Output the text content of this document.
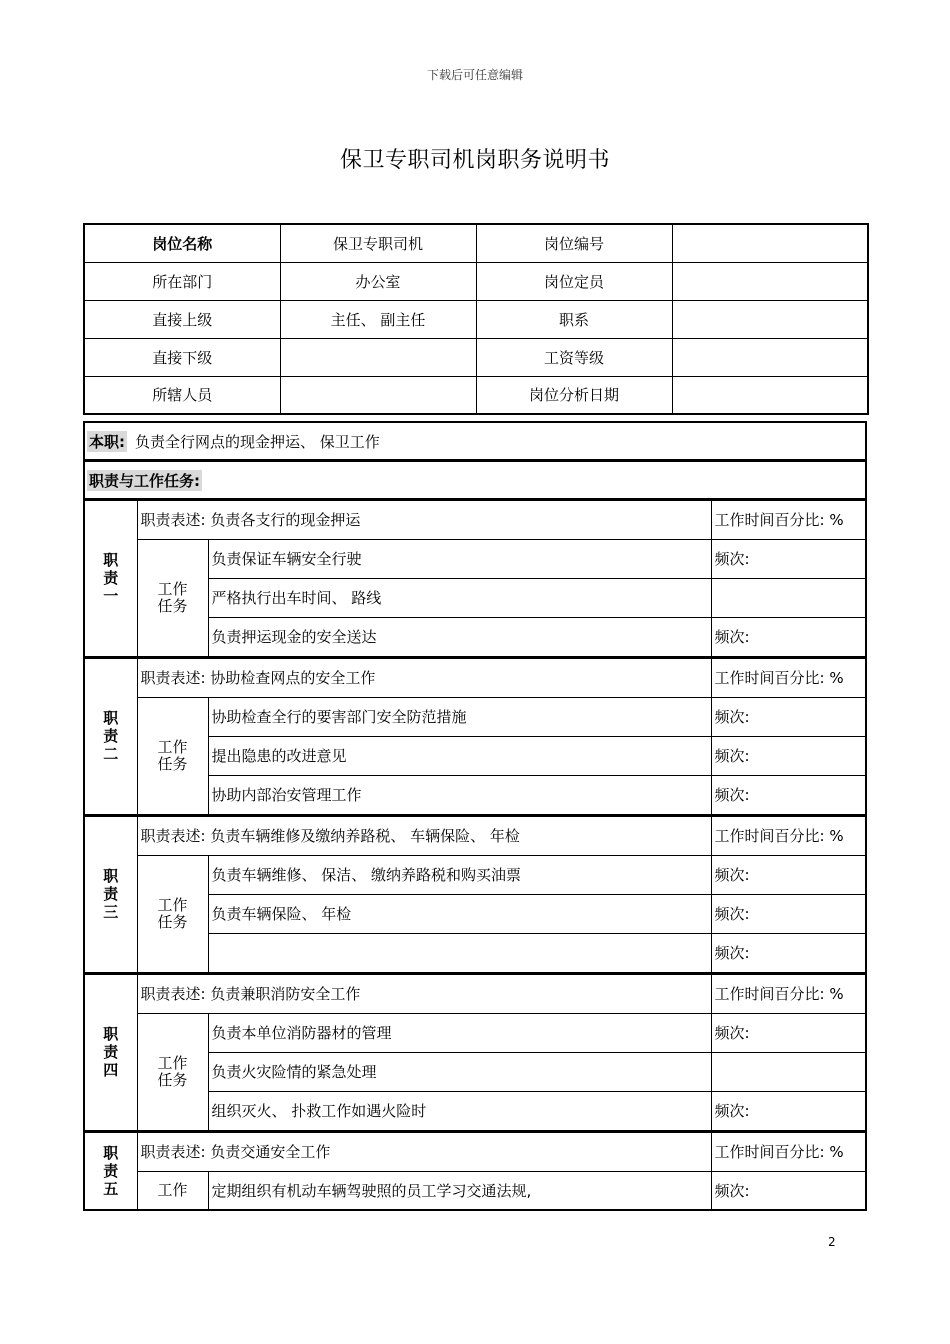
下载后可任意编辑
保卫专职司机岗职务说明书
岗位名称	保卫专职司机	岗位编号	
所在部门	办公室	岗位定员	
直接上级	主任、 副主任	职系	
直接下级		工资等级	
所辖人员		岗位分析日期	
本职: 负责全行网点的现金押运、 保卫工作
职责与工作任务:
职责一	职责表述: 负责各支行的现金押运		工作时间百分比: %
	工作任务	负责保证车辆安全行驶	频次:
		严格执行出车时间、 路线	
		负责押运现金的安全送达	频次:
职责二	职责表述: 协助检查网点的安全工作		工作时间百分比: %
	工作任务	协助检查全行的要害部门安全防范措施	频次:
		提出隐患的改进意见	频次:
		协助内部治安管理工作	频次:
职责三	职责表述: 负责车辆维修及缴纳养路税、 车辆保险、 年检		工作时间百分比: %
	工作任务	负责车辆维修、 保洁、 缴纳养路税和购买油票	频次:
		负责车辆保险、 年检	频次:
			频次:
职责四	职责表述: 负责兼职消防安全工作		工作时间百分比: %
	工作任务	负责本单位消防器材的管理	频次:
		负责火灾险情的紧急处理	
		组织灭火、 扑救工作如遇火险时	频次:
职责五	职责表述: 负责交通安全工作		工作时间百分比: %
	工作	定期组织有机动车辆驾驶照的员工学习交通法规,	频次:
2
